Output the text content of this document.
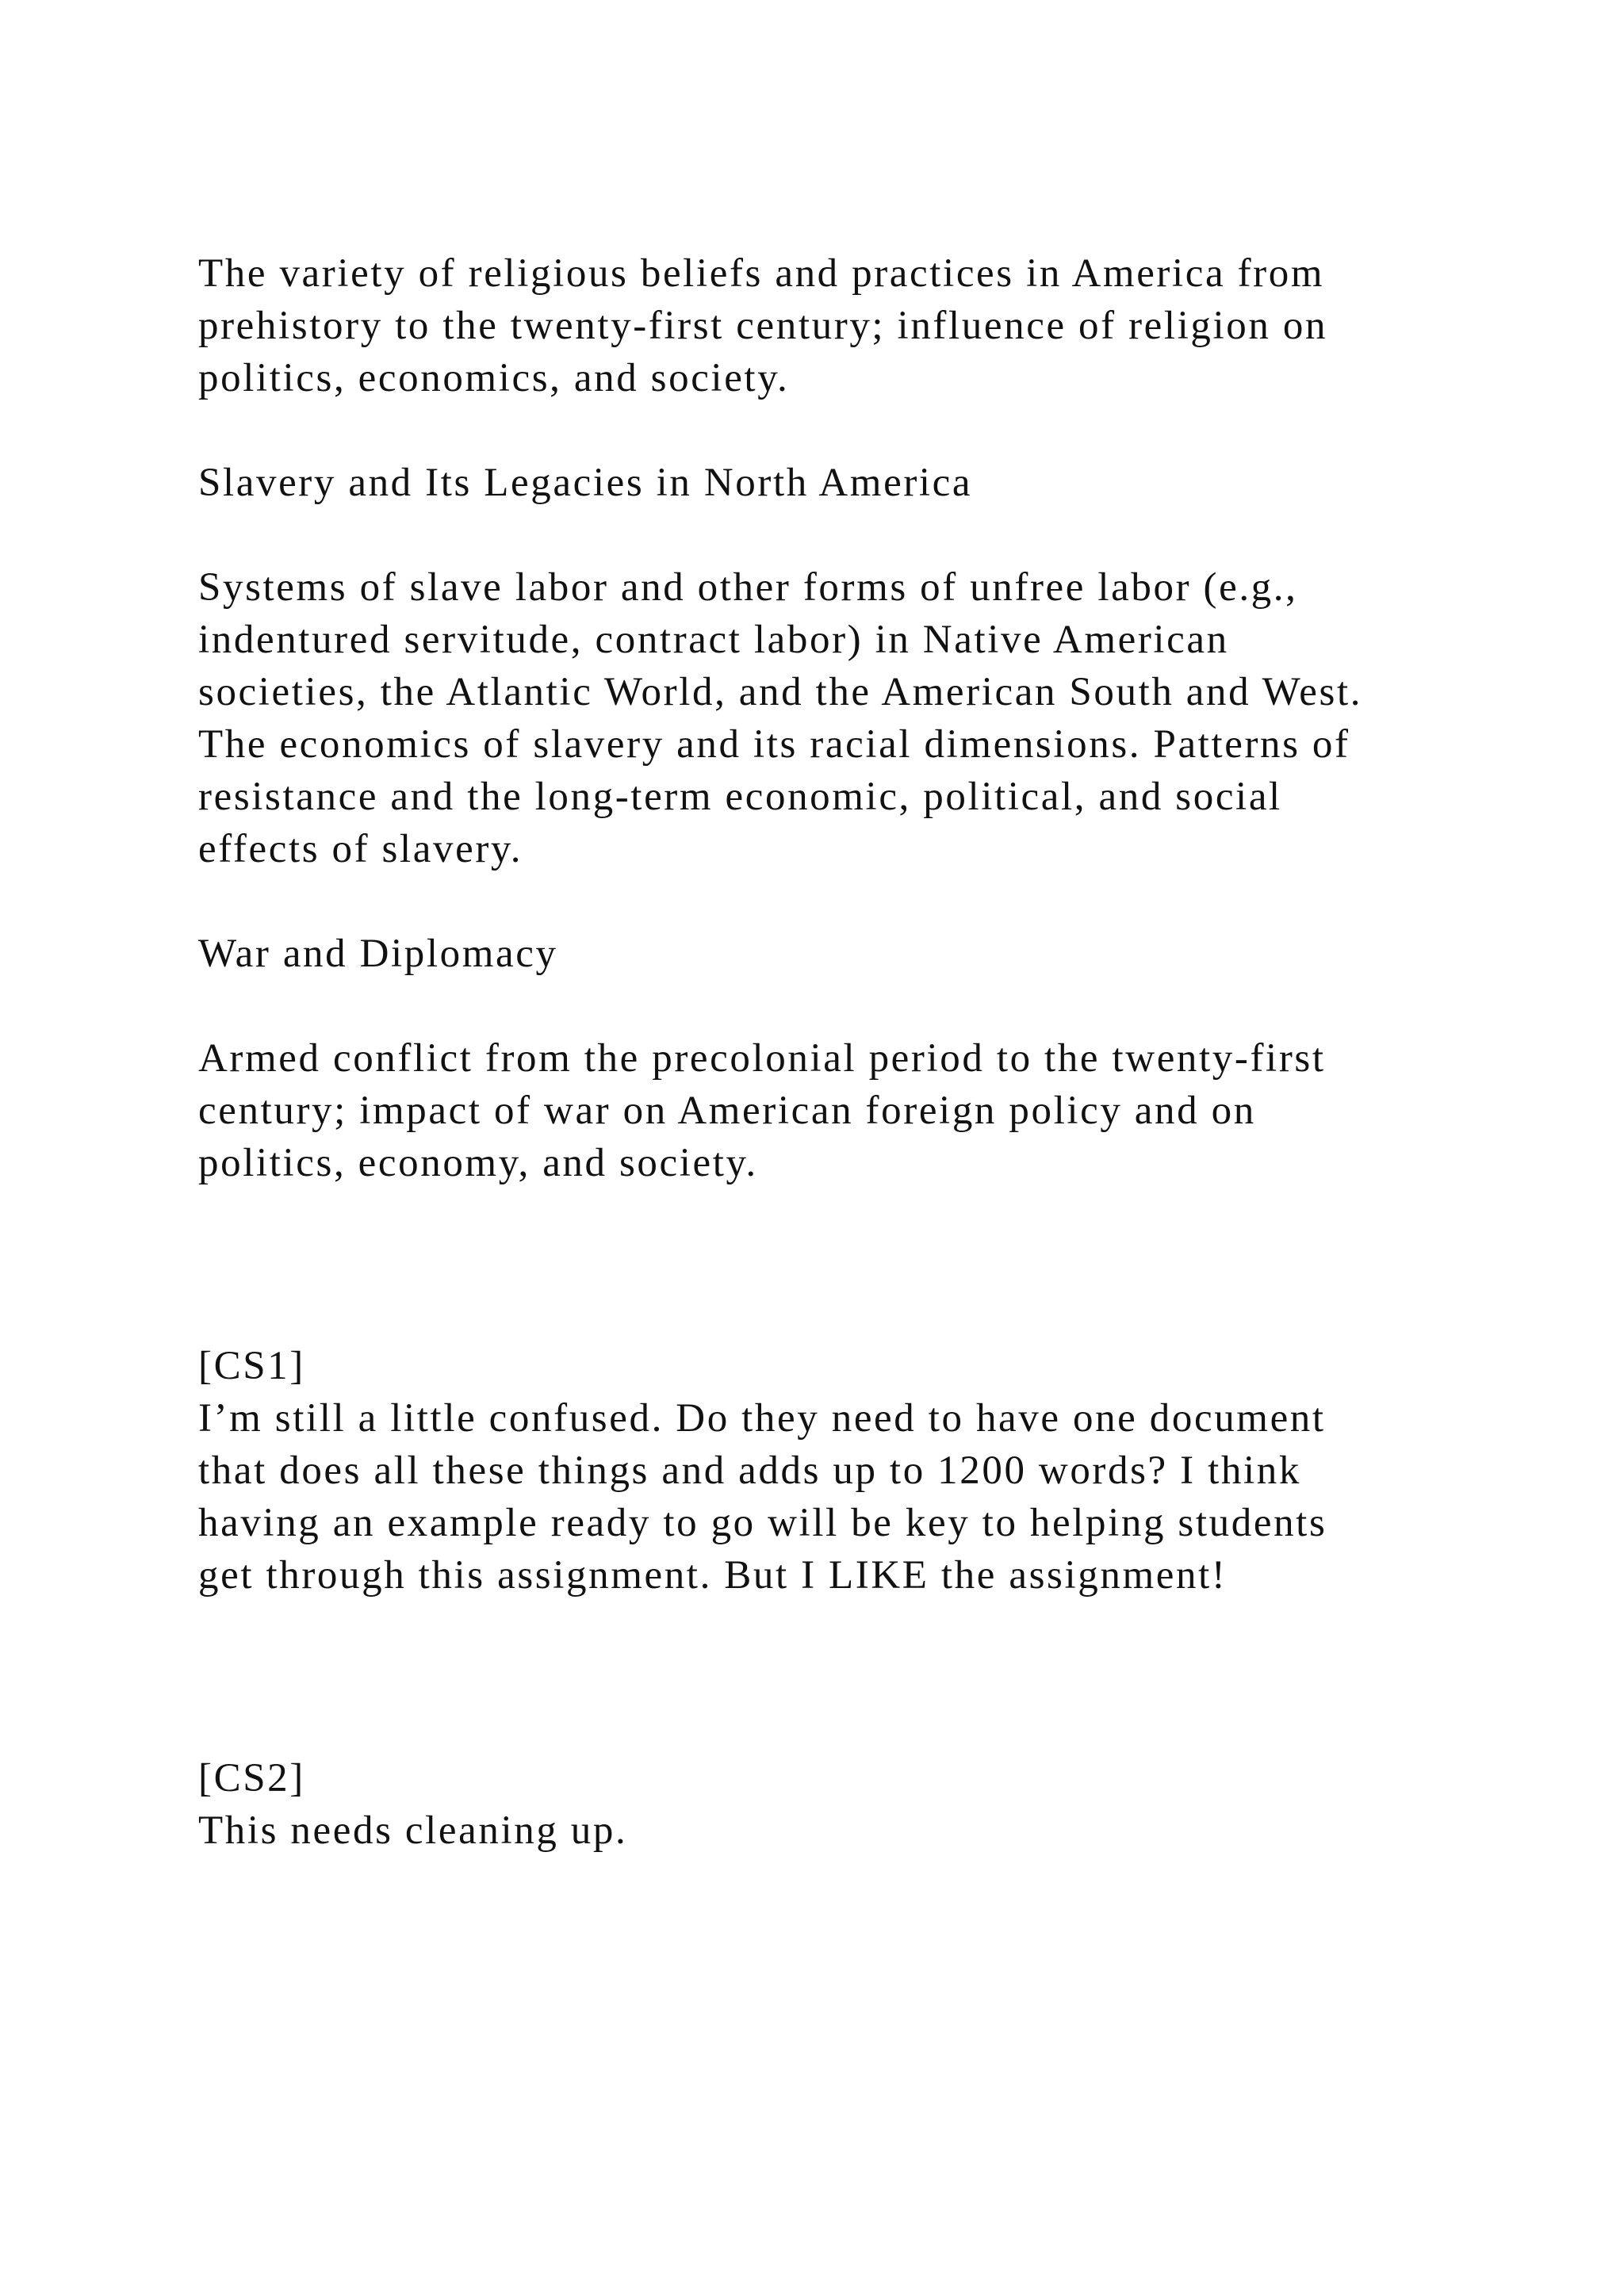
The variety of religious beliefs and practices in America from

prehistory to the twenty-first century; influence of religion on

politics, economics, and society.

Slavery and Its Legacies in North America

Systems of slave labor and other forms of unfree labor (e.g.,

indentured servitude, contract labor) in Native American

societies, the Atlantic World, and the American South and West.

The economics of slavery and its racial dimensions. Patterns of

resistance and the long-term economic, political, and social

effects of slavery.

War and Diplomacy

Armed conflict from the precolonial period to the twenty-first

century; impact of war on American foreign policy and on

politics, economy, and society.

[CS1]

I’m still a little confused. Do they need to have one document

that does all these things and adds up to 1200 words? I think

having an example ready to go will be key to helping students

get through this assignment. But I LIKE the assignment!

[CS2]

This needs cleaning up.
